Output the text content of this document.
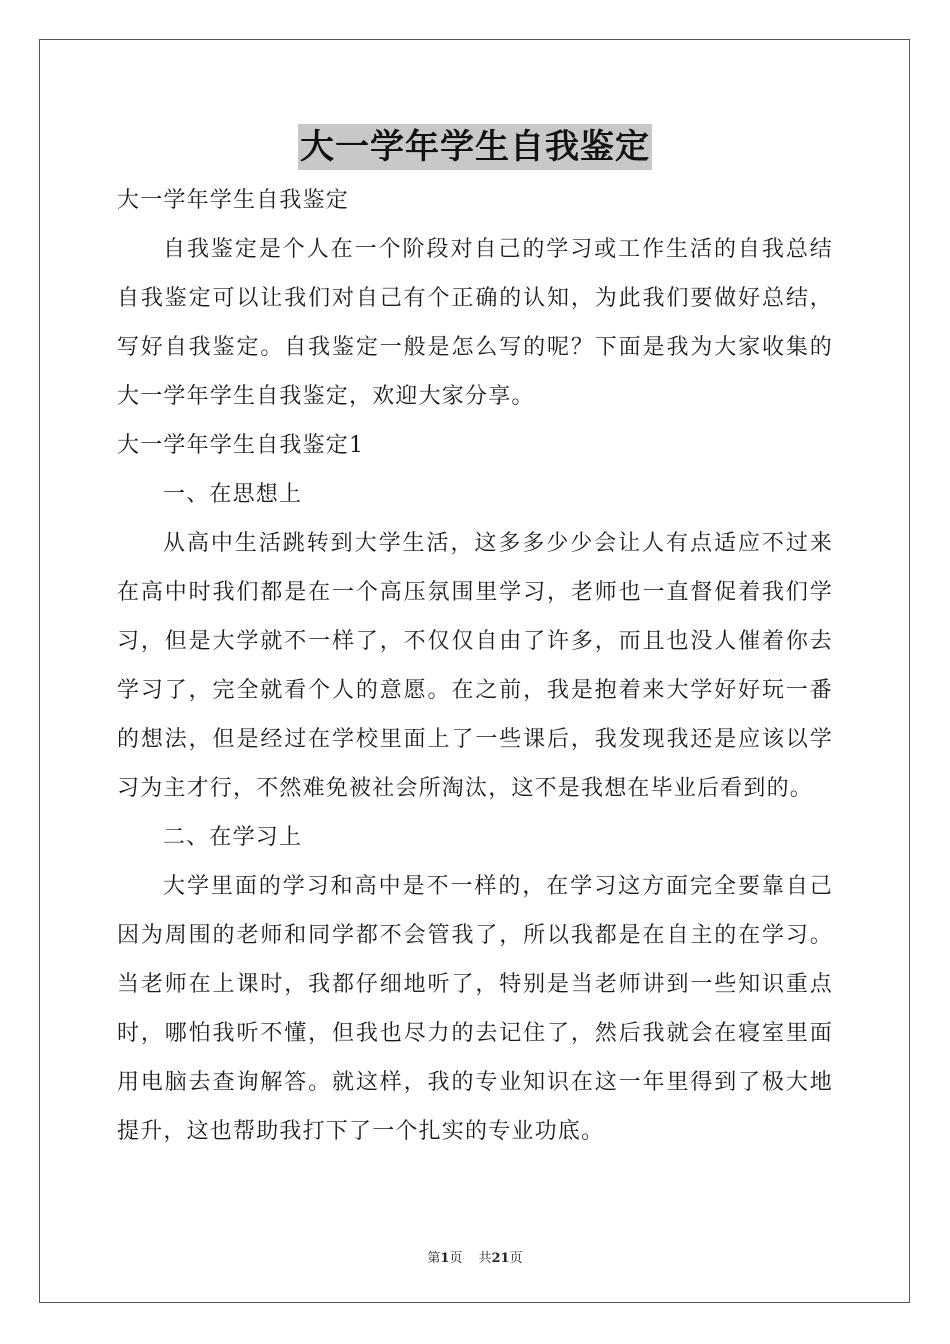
大一学年学生自我鉴定

大一学年学生自我鉴定

自我鉴定是个人在一个阶段对自己的学习或工作生活的自我总结自我鉴定可以让我们对自己有个正确的认知，为此我们要做好总结，写好自我鉴定。自我鉴定一般是怎么写的呢？下面是我为大家收集的大一学年学生自我鉴定，欢迎大家分享。

大一学年学生自我鉴定1

一、在思想上

从高中生活跳转到大学生活，这多多少少会让人有点适应不过来在高中时我们都是在一个高压氛围里学习，老师也一直督促着我们学习，但是大学就不一样了，不仅仅自由了许多，而且也没人催着你去学习了，完全就看个人的意愿。在之前，我是抱着来大学好好玩一番的想法，但是经过在学校里面上了一些课后，我发现我还是应该以学习为主才行，不然难免被社会所淘汰，这不是我想在毕业后看到的。

二、在学习上

大学里面的学习和高中是不一样的，在学习这方面完全要靠自己因为周围的老师和同学都不会管我了，所以我都是在自主的在学习。当老师在上课时，我都仔细地听了，特别是当老师讲到一些知识重点时，哪怕我听不懂，但我也尽力的去记住了，然后我就会在寝室里面用电脑去查询解答。就这样，我的专业知识在这一年里得到了极大地提升，这也帮助我打下了一个扎实的专业功底。

第1页 共21页
